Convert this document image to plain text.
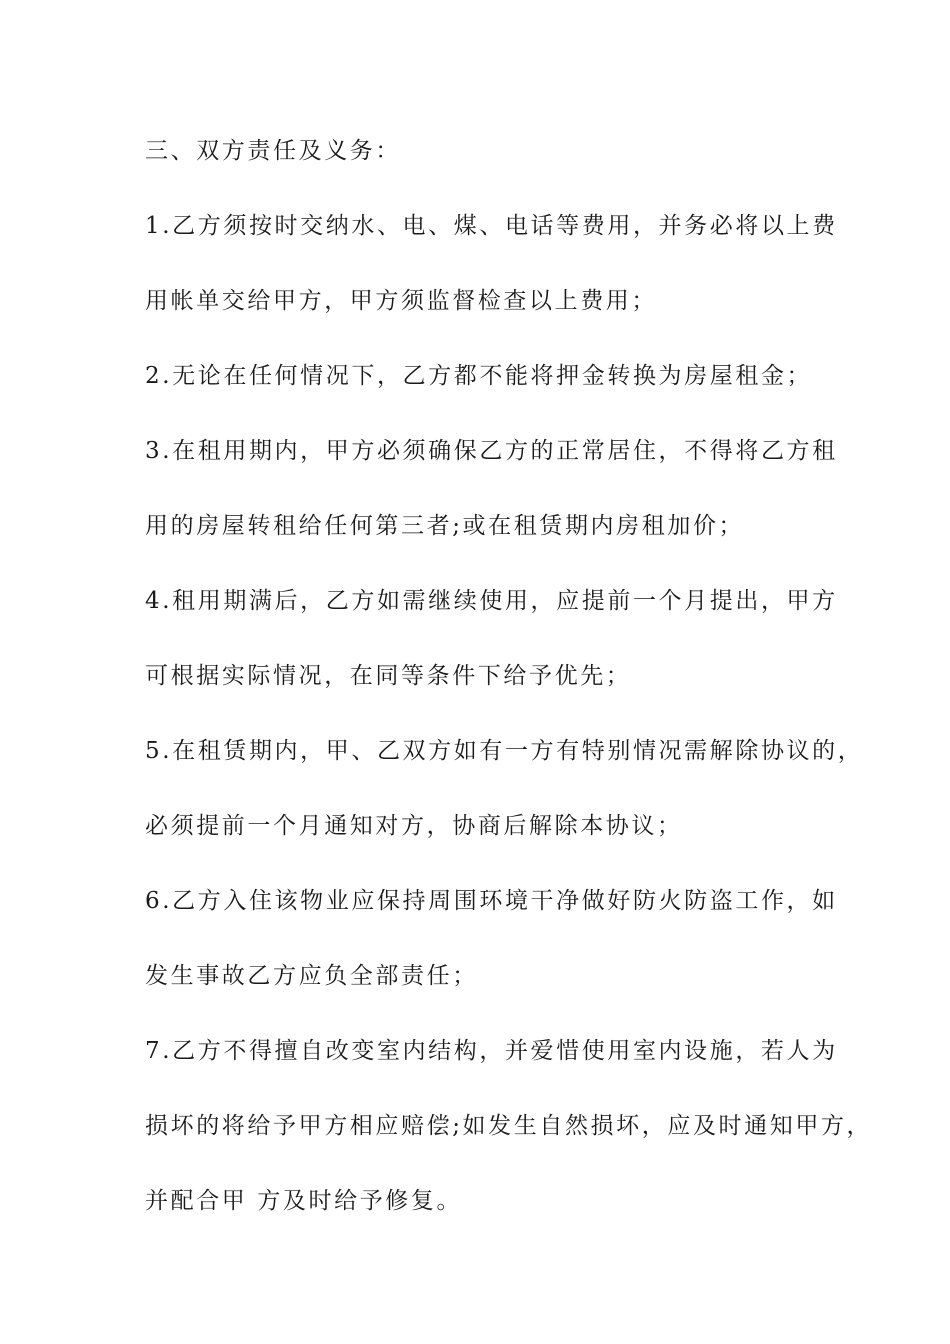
三、双方责任及义务：
1.乙方须按时交纳水、电、煤、电话等费用，并务必将以上费
用帐单交给甲方，甲方须监督检查以上费用；
2.无论在任何情况下，乙方都不能将押金转换为房屋租金；
3.在租用期内，甲方必须确保乙方的正常居住，不得将乙方租
用的房屋转租给任何第三者;或在租赁期内房租加价；
4.租用期满后，乙方如需继续使用，应提前一个月提出，甲方
可根据实际情况，在同等条件下给予优先；
5.在租赁期内，甲、乙双方如有一方有特别情况需解除协议的，
必须提前一个月通知对方，协商后解除本协议；
6.乙方入住该物业应保持周围环境干净做好防火防盗工作，如
发生事故乙方应负全部责任；
7.乙方不得擅自改变室内结构，并爱惜使用室内设施，若人为
损坏的将给予甲方相应赔偿;如发生自然损坏，应及时通知甲方，
并配合甲 方及时给予修复。
